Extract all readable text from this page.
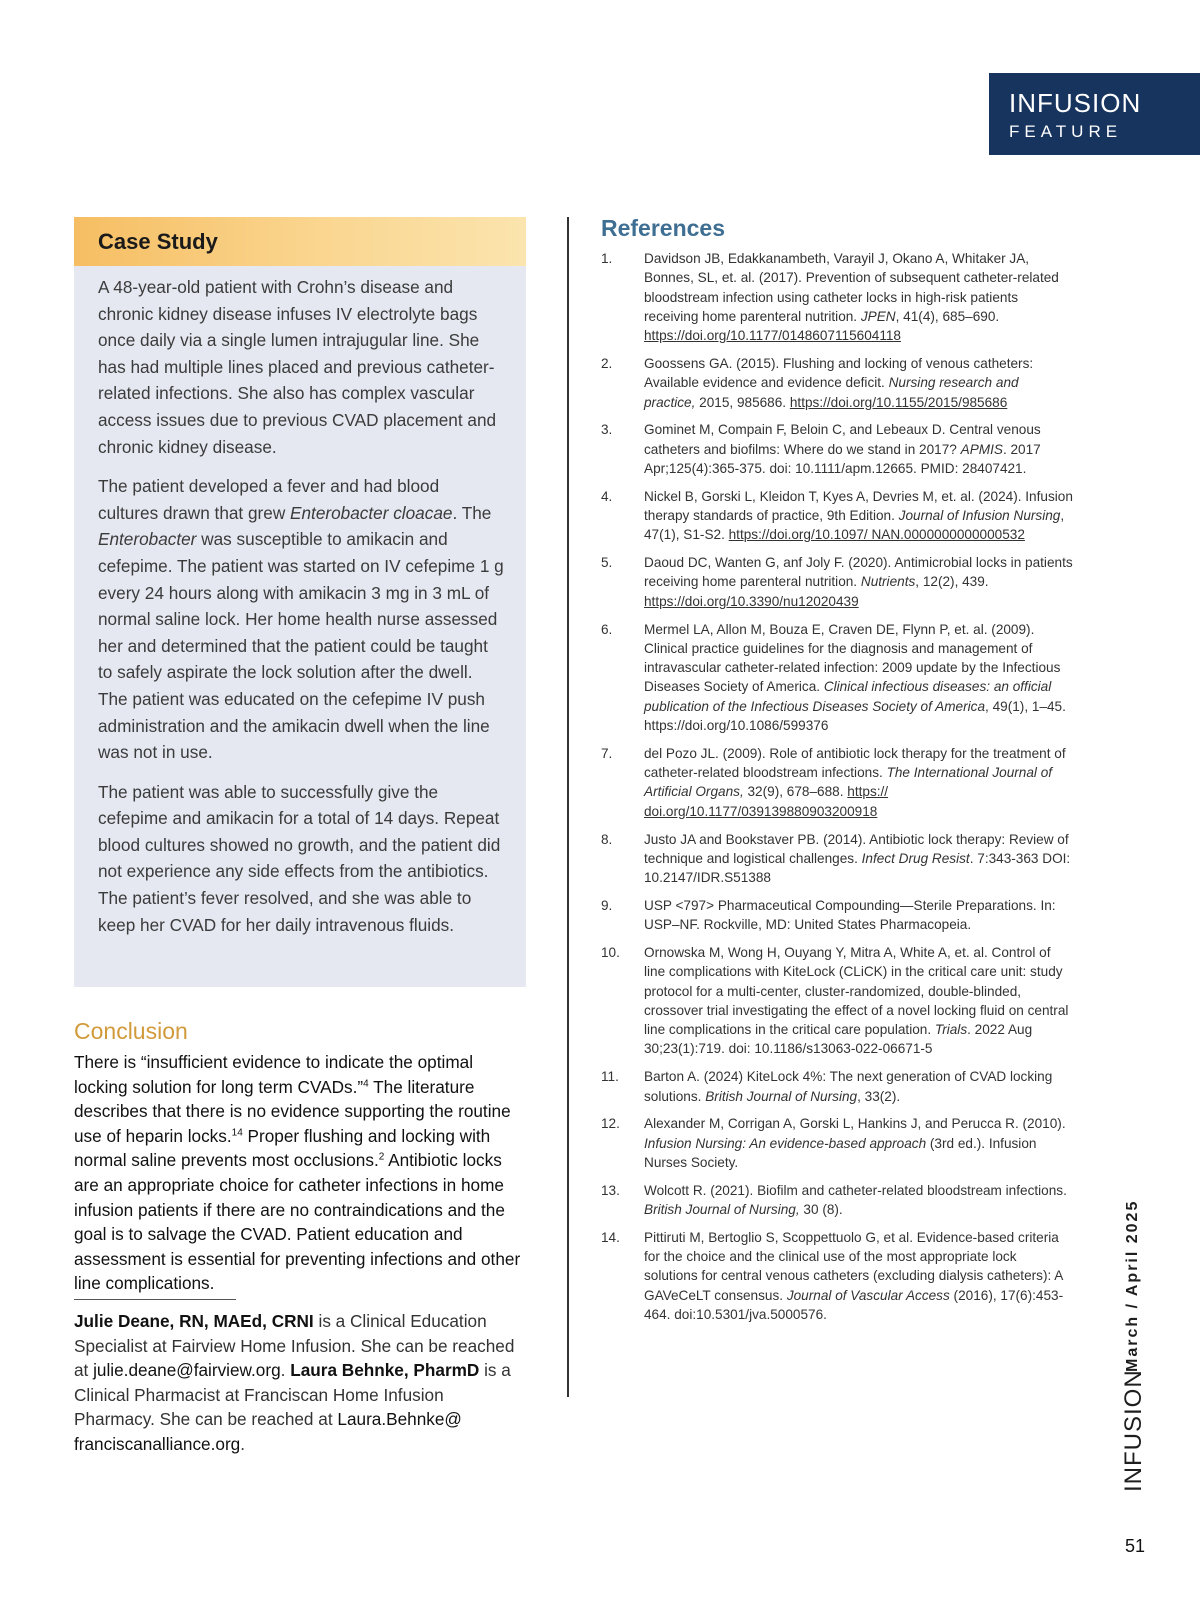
INFUSION
FEATURE
Case Study

A 48-year-old patient with Crohn’s disease and chronic kidney disease infuses IV electrolyte bags once daily via a single lumen intrajugular line. She has had multiple lines placed and previous catheter-related infections. She also has complex vascular access issues due to previous CVAD placement and chronic kidney disease.

The patient developed a fever and had blood cultures drawn that grew Enterobacter cloacae. The Enterobacter was susceptible to amikacin and cefepime. The patient was started on IV cefepime 1 g every 24 hours along with amikacin 3 mg in 3 mL of normal saline lock. Her home health nurse assessed her and determined that the patient could be taught to safely aspirate the lock solution after the dwell. The patient was educated on the cefepime IV push administration and the amikacin dwell when the line was not in use.

The patient was able to successfully give the cefepime and amikacin for a total of 14 days. Repeat blood cultures showed no growth, and the patient did not experience any side effects from the antibiotics. The patient’s fever resolved, and she was able to keep her CVAD for her daily intravenous fluids.

Conclusion

There is “insufficient evidence to indicate the optimal locking solution for long term CVADs.”$^4$ The literature describes that there is no evidence supporting the routine use of heparin locks.$^{14}$ Proper flushing and locking with normal saline prevents most occlusions.$^2$ Antibiotic locks are an appropriate choice for catheter infections in home infusion patients if there are no contraindications and the goal is to salvage the CVAD. Patient education and assessment is essential for preventing infections and other line complications.

Julie Deane, RN, MAEd, CRNI is a Clinical Education Specialist at Fairview Home Infusion. She can be reached at julie.deane@fairview.org. Laura Behnke, PharmD is a Clinical Pharmacist at Franciscan Home Infusion Pharmacy. She can be reached at Laura.Behnke@ franciscanalliance.org.

References
1. Davidson JB, Edakkanambeth, Varayil J, Okano A, Whitaker JA, Bonnes, SL, et. al. (2017). Prevention of subsequent catheter-related bloodstream infection using catheter locks in high-risk patients receiving home parenteral nutrition. JPEN, 41(4), 685–690. https://doi.org/10.1177/0148607115604118
2. Goossens GA. (2015). Flushing and locking of venous catheters: Available evidence and evidence deficit. Nursing research and practice, 2015, 985686. https://doi.org/10.1155/2015/985686
3. Gominet M, Compain F, Beloin C, and Lebeaux D. Central venous catheters and biofilms: Where do we stand in 2017? APMIS. 2017 Apr;125(4):365-375. doi: 10.1111/apm.12665. PMID: 28407421.
4. Nickel B, Gorski L, Kleidon T, Kyes A, Devries M, et. al. (2024). Infusion therapy standards of practice, 9th Edition. Journal of Infusion Nursing, 47(1), S1-S2. https://doi.org/10.1097/ NAN.0000000000000532
5. Daoud DC, Wanten G, anf Joly F. (2020). Antimicrobial locks in patients receiving home parenteral nutrition. Nutrients, 12(2), 439. https://doi.org/10.3390/nu12020439
6. Mermel LA, Allon M, Bouza E, Craven DE, Flynn P, et. al. (2009). Clinical practice guidelines for the diagnosis and management of intravascular catheter-related infection: 2009 update by the Infectious Diseases Society of America. Clinical infectious diseases: an official publication of the Infectious Diseases Society of America, 49(1), 1–45. https://doi.org/10.1086/599376
7. del Pozo JL. (2009). Role of antibiotic lock therapy for the treatment of catheter-related bloodstream infections. The International Journal of Artificial Organs, 32(9), 678–688. https:// doi.org/10.1177/039139880903200918
8. Justo JA and Bookstaver PB. (2014). Antibiotic lock therapy: Review of technique and logistical challenges. Infect Drug Resist. 7:343-363 DOI: 10.2147/IDR.S51388
9. USP <797> Pharmaceutical Compounding—Sterile Preparations. In: USP–NF. Rockville, MD: United States Pharmacopeia.
10. Ornowska M, Wong H, Ouyang Y, Mitra A, White A, et. al. Control of line complications with KiteLock (CLiCK) in the critical care unit: study protocol for a multi-center, cluster-randomized, double-blinded, crossover trial investigating the effect of a novel locking fluid on central line complications in the critical care population. Trials. 2022 Aug 30;23(1):719. doi: 10.1186/s13063-022-06671-5
11. Barton A. (2024) KiteLock 4%: The next generation of CVAD locking solutions. British Journal of Nursing, 33(2).
12. Alexander M, Corrigan A, Gorski L, Hankins J, and Perucca R. (2010). Infusion Nursing: An evidence-based approach (3rd ed.). Infusion Nurses Society.
13. Wolcott R. (2021). Biofilm and catheter-related bloodstream infections. British Journal of Nursing, 30 (8).
14. Pittiruti M, Bertoglio S, Scoppettuolo G, et al. Evidence-based criteria for the choice and the clinical use of the most appropriate lock solutions for central venous catheters (excluding dialysis catheters): A GAVeCeLT consensus. Journal of Vascular Access (2016), 17(6):453-464. doi:10.5301/jva.5000576.	March / April 2025
INFUSION
51
